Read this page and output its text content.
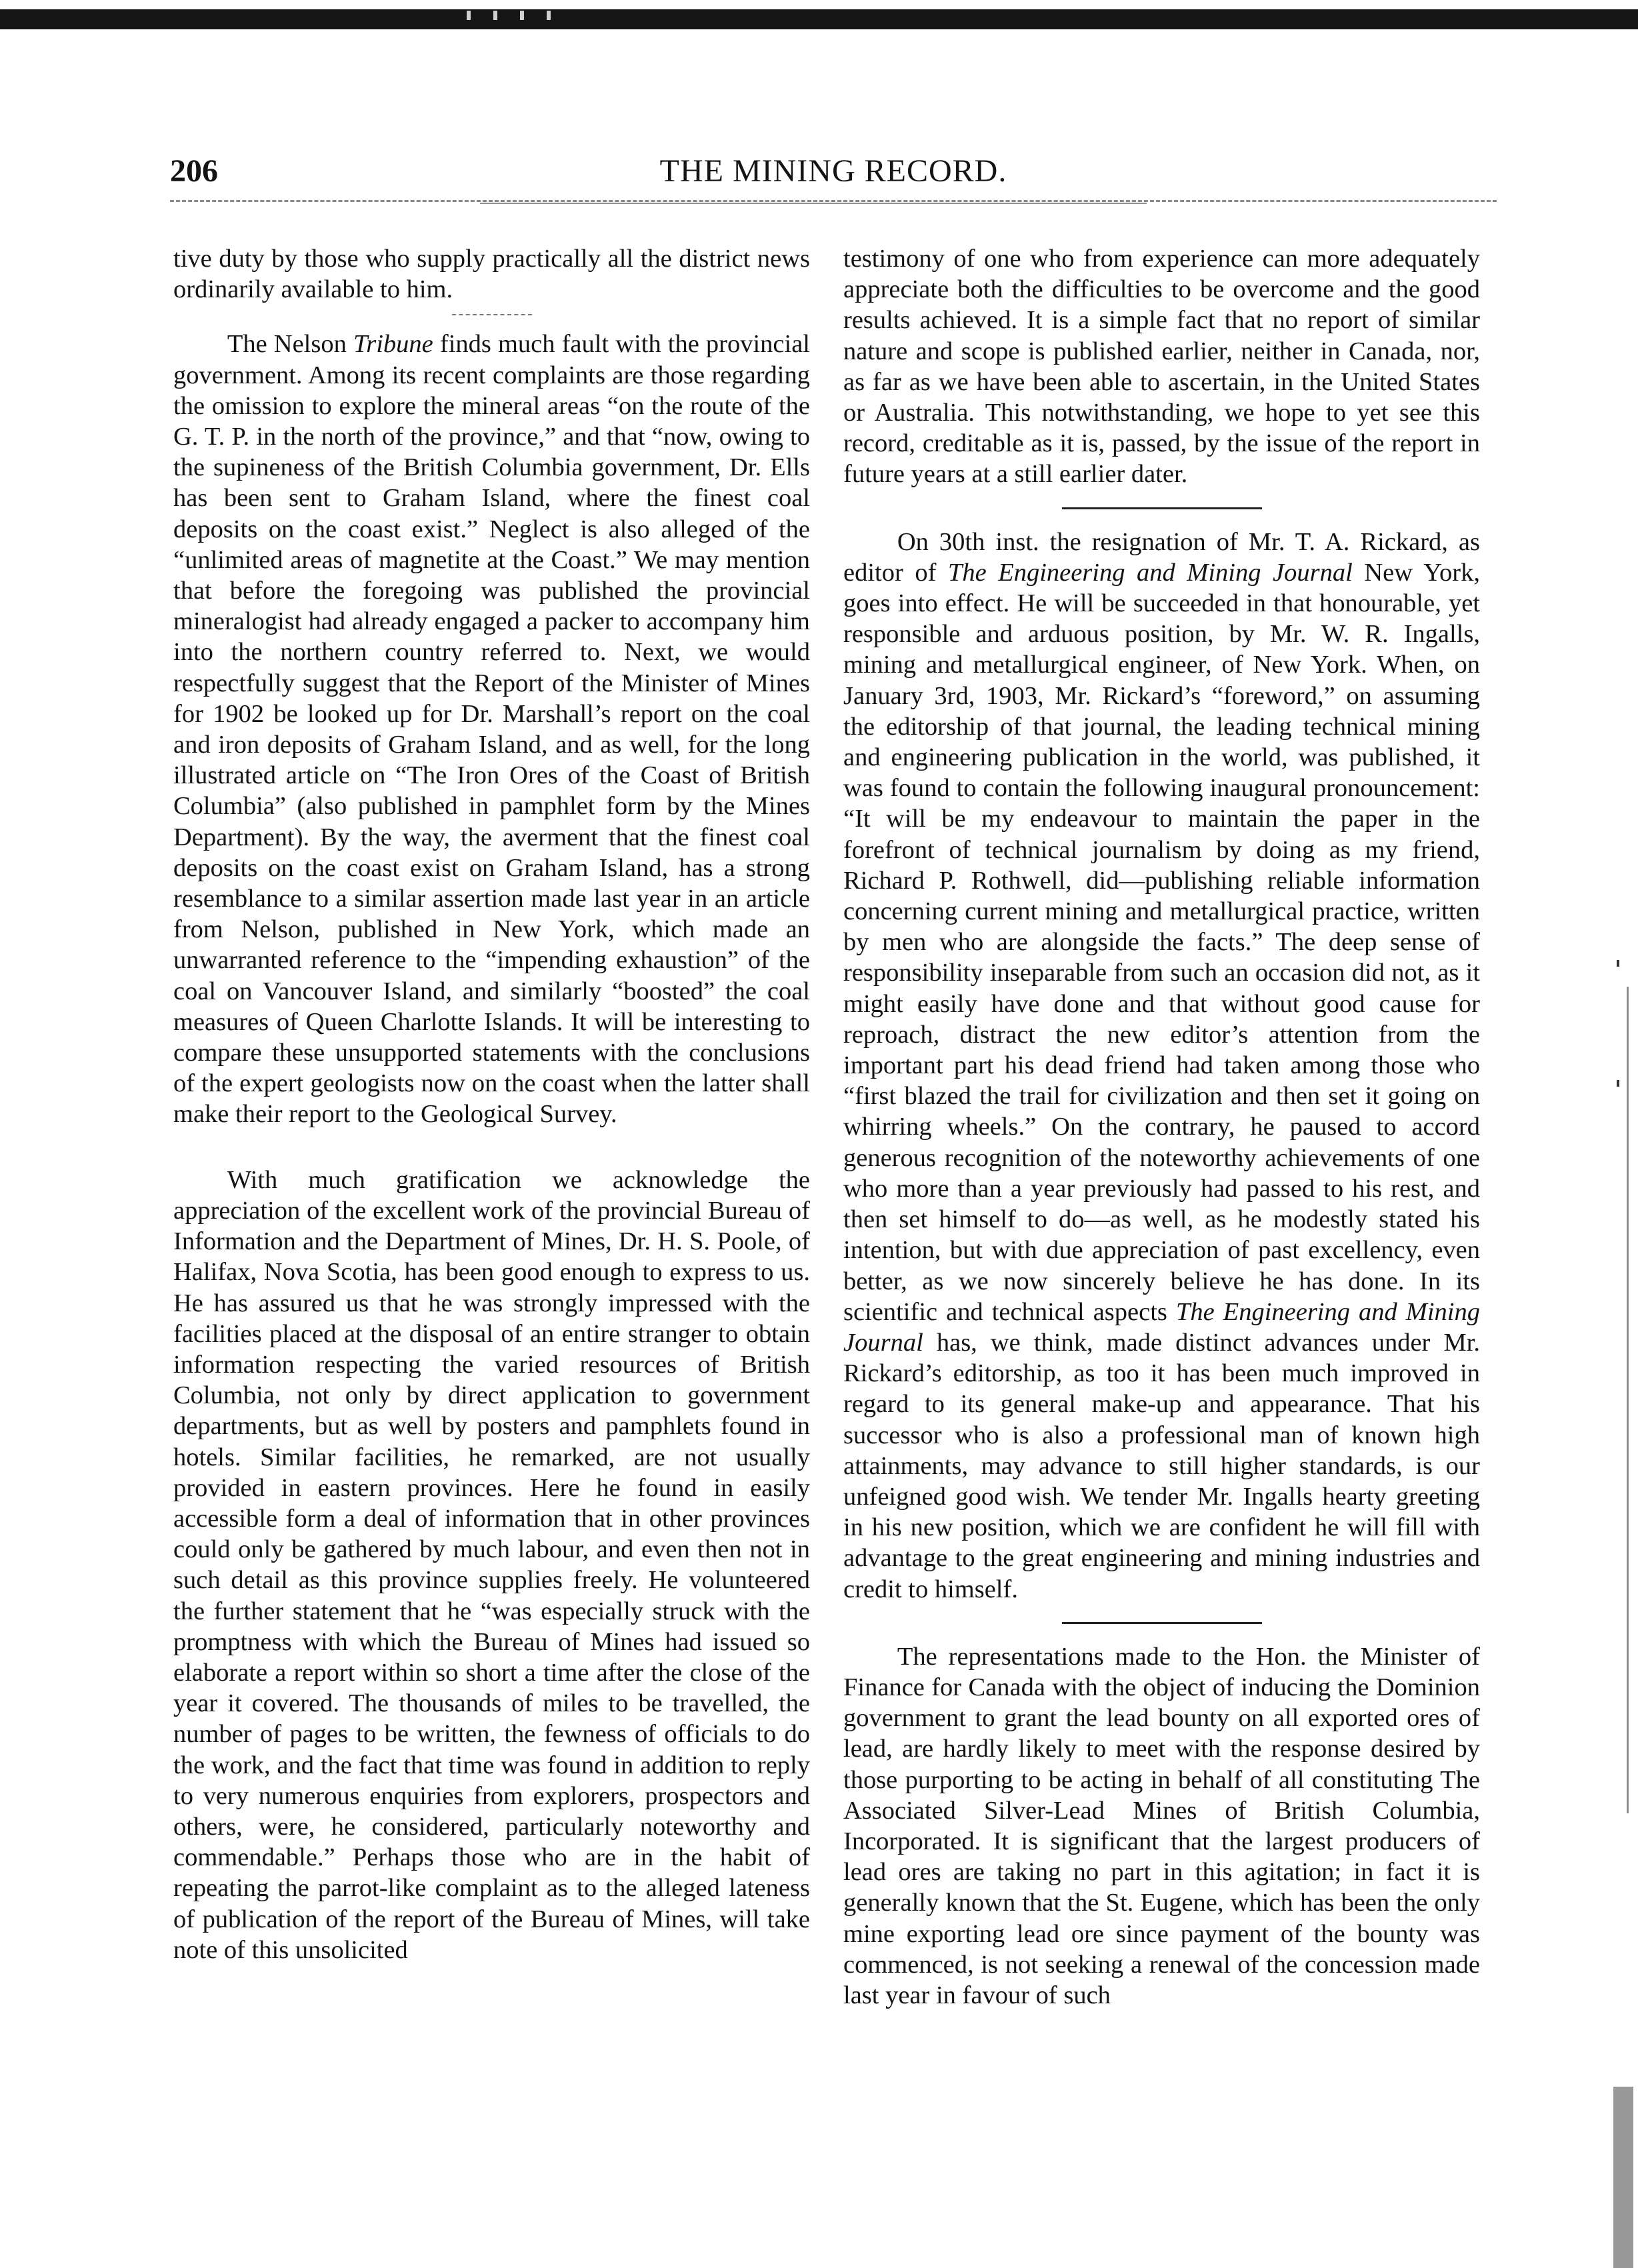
206	THE MINING RECORD.

tive duty by those who supply practically all the district news ordinarily available to him.

The Nelson Tribune finds much fault with the provincial government. Among its recent complaints are those regarding the omission to explore the mineral areas “on the route of the G. T. P. in the north of the province,” and that “now, owing to the supineness of the British Columbia government, Dr. Ells has been sent to Graham Island, where the finest coal deposits on the coast exist.” Neglect is also alleged of the “unlimited areas of magnetite at the Coast.” We may mention that before the foregoing was published the provincial mineralogist had already engaged a packer to accompany him into the northern country referred to. Next, we would respectfully suggest that the Report of the Minister of Mines for 1902 be looked up for Dr. Marshall’s report on the coal and iron deposits of Graham Island, and as well, for the long illustrated article on “The Iron Ores of the Coast of British Columbia” (also published in pamphlet form by the Mines Department). By the way, the averment that the finest coal deposits on the coast exist on Graham Island, has a strong resemblance to a similar assertion made last year in an article from Nelson, published in New York, which made an unwarranted reference to the “impending exhaustion” of the coal on Vancouver Island, and similarly “boosted” the coal measures of Queen Charlotte Islands. It will be interesting to compare these unsupported statements with the conclusions of the expert geologists now on the coast when the latter shall make their report to the Geological Survey.

With much gratification we acknowledge the appreciation of the excellent work of the provincial Bureau of Information and the Department of Mines, Dr. H. S. Poole, of Halifax, Nova Scotia, has been good enough to express to us. He has assured us that he was strongly impressed with the facilities placed at the disposal of an entire stranger to obtain information respecting the varied resources of British Columbia, not only by direct application to government departments, but as well by posters and pamphlets found in hotels. Similar facilities, he remarked, are not usually provided in eastern provinces. Here he found in easily accessible form a deal of information that in other provinces could only be gathered by much labour, and even then not in such detail as this province supplies freely. He volunteered the further statement that he “was especially struck with the promptness with which the Bureau of Mines had issued so elaborate a report within so short a time after the close of the year it covered. The thousands of miles to be travelled, the number of pages to be written, the fewness of officials to do the work, and the fact that time was found in addition to reply to very numerous enquiries from explorers, prospectors and others, were, he considered, particularly noteworthy and commendable.” Perhaps those who are in the habit of repeating the parrot-like complaint as to the alleged lateness of publication of the report of the Bureau of Mines, will take note of this unsolicited

testimony of one who from experience can more adequately appreciate both the difficulties to be overcome and the good results achieved. It is a simple fact that no report of similar nature and scope is published earlier, neither in Canada, nor, as far as we have been able to ascertain, in the United States or Australia. This notwithstanding, we hope to yet see this record, creditable as it is, passed, by the issue of the report in future years at a still earlier dater.

On 30th inst. the resignation of Mr. T. A. Rickard, as editor of The Engineering and Mining Journal New York, goes into effect. He will be succeeded in that honourable, yet responsible and arduous position, by Mr. W. R. Ingalls, mining and metallurgical engineer, of New York. When, on January 3rd, 1903, Mr. Rickard’s “foreword,” on assuming the editorship of that journal, the leading technical mining and engineering publication in the world, was published, it was found to contain the following inaugural pronouncement: “It will be my endeavour to maintain the paper in the forefront of technical journalism by doing as my friend, Richard P. Rothwell, did—publishing reliable information concerning current mining and metallurgical practice, written by men who are alongside the facts.” The deep sense of responsibility inseparable from such an occasion did not, as it might easily have done and that without good cause for reproach, distract the new editor’s attention from the important part his dead friend had taken among those who “first blazed the trail for civilization and then set it going on whirring wheels.” On the contrary, he paused to accord generous recognition of the noteworthy achievements of one who more than a year previously had passed to his rest, and then set himself to do—as well, as he modestly stated his intention, but with due appreciation of past excellency, even better, as we now sincerely believe he has done. In its scientific and technical aspects The Engineering and Mining Journal has, we think, made distinct advances under Mr. Rickard’s editorship, as too it has been much improved in regard to its general make-up and appearance. That his successor who is also a professional man of known high attainments, may advance to still higher standards, is our unfeigned good wish. We tender Mr. Ingalls hearty greeting in his new position, which we are confident he will fill with advantage to the great engineering and mining industries and credit to himself.

The representations made to the Hon. the Minister of Finance for Canada with the object of inducing the Dominion government to grant the lead bounty on all exported ores of lead, are hardly likely to meet with the response desired by those purporting to be acting in behalf of all constituting The Associated Silver-Lead Mines of British Columbia, Incorporated. It is significant that the largest producers of lead ores are taking no part in this agitation; in fact it is generally known that the St. Eugene, which has been the only mine exporting lead ore since payment of the bounty was commenced, is not seeking a renewal of the concession made last year in favour of such
